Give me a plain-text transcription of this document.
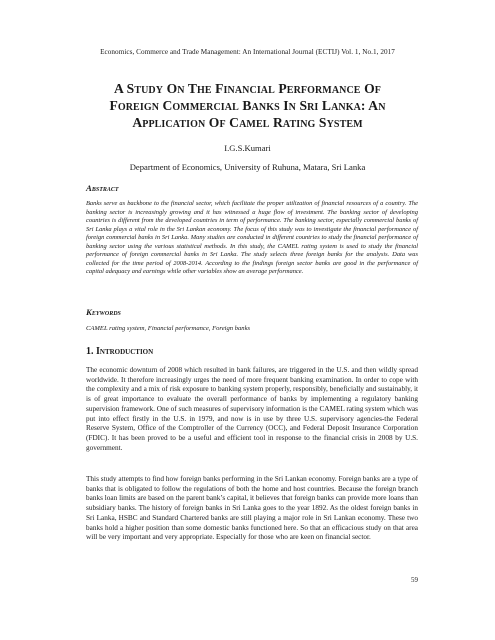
Economics, Commerce and Trade Management: An International Journal (ECTIJ) Vol. 1, No.1, 2017
A Study On The Financial Performance Of
Foreign Commercial Banks In Sri Lanka: An
Application Of Camel Rating System
I.G.S.Kumari
Department of Economics, University of Ruhuna, Matara, Sri Lanka
Abstract
Banks serve as backbone to the financial sector, which facilitate the proper utilization of financial resources of a country. The banking sector is increasingly growing and it has witnessed a huge flow of investment. The banking sector of developing countries is different from the developed countries in term of performance. The banking sector, especially commercial banks of Sri Lanka plays a vital role in the Sri Lankan economy. The focus of this study was to investigate the financial performance of foreign commercial banks in Sri Lanka. Many studies are conducted in different countries to study the financial performance of banking sector using the various statistical methods. In this study, the CAMEL rating system is used to study the financial performance of foreign commercial banks in Sri Lanka. The study selects three foreign banks for the analysis. Data was collected for the time period of 2008-2014. According to the findings foreign sector banks are good in the performance of capital adequacy and earnings while other variables show an average performance.
Keywords
CAMEL rating system, Financial performance, Foreign banks
1. Introduction

The economic downturn of 2008 which resulted in bank failures, are triggered in the U.S. and then wildly spread worldwide. It therefore increasingly urges the need of more frequent banking examination. In order to cope with the complexity and a mix of risk exposure to banking system properly, responsibly, beneficially and sustainably, it is of great importance to evaluate the overall performance of banks by implementing a regulatory banking supervision framework. One of such measures of supervisory information is the CAMEL rating system which was put into effect firstly in the U.S. in 1979, and now is in use by three U.S. supervisory agencies-the Federal Reserve System, Office of the Comptroller of the Currency (OCC), and Federal Deposit Insurance Corporation (FDIC). It has been proved to be a useful and efficient tool in response to the financial crisis in 2008 by U.S. government.

This study attempts to find how foreign banks performing in the Sri Lankan economy. Foreign banks are a type of banks that is obligated to follow the regulations of both the home and host countries. Because the foreign branch banks loan limits are based on the parent bank’s capital, it believes that foreign banks can provide more loans than subsidiary banks. The history of foreign banks in Sri Lanka goes to the year 1892. As the oldest foreign banks in Sri Lanka, HSBC and Standard Chartered banks are still playing a major role in Sri Lankan economy. These two banks hold a higher position than some domestic banks functioned here. So that an efficacious study on that area will be very important and very appropriate. Especially for those who are keen on financial sector.

59
